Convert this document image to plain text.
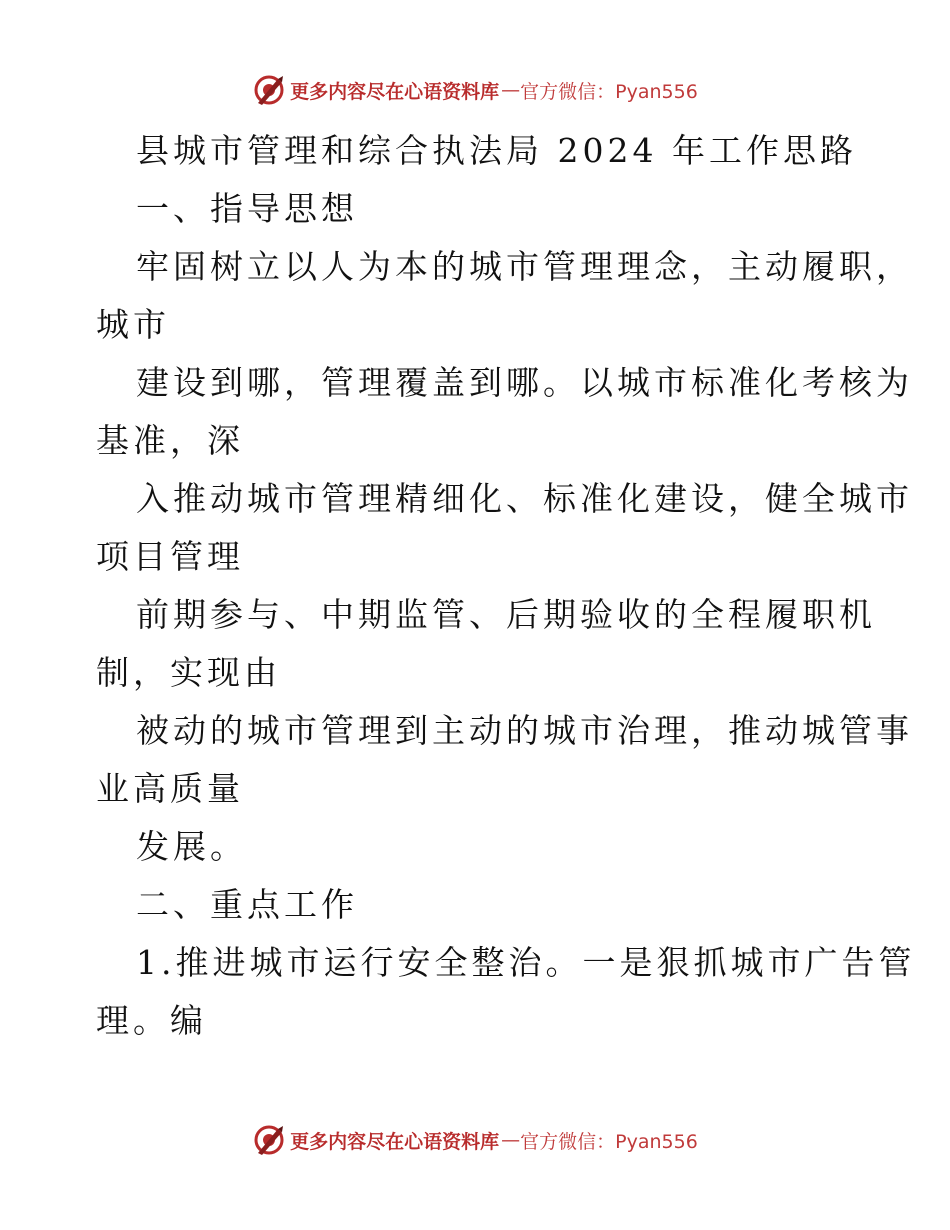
更多内容尽在心语资料库 — 官方微信：Pyan556
县城市管理和综合执法局 2024 年工作思路
一、指导思想
牢固树立以人为本的城市管理理念，主动履职，
城市
建设到哪，管理覆盖到哪。以城市标准化考核为
基准，深
入推动城市管理精细化、标准化建设，健全城市
项目管理
前期参与、中期监管、后期验收的全程履职机
制，实现由
被动的城市管理到主动的城市治理，推动城管事
业高质量
发展。
二、重点工作
1.推进城市运行安全整治。一是狠抓城市广告管
理。编
更多内容尽在心语资料库 — 官方微信：Pyan556
